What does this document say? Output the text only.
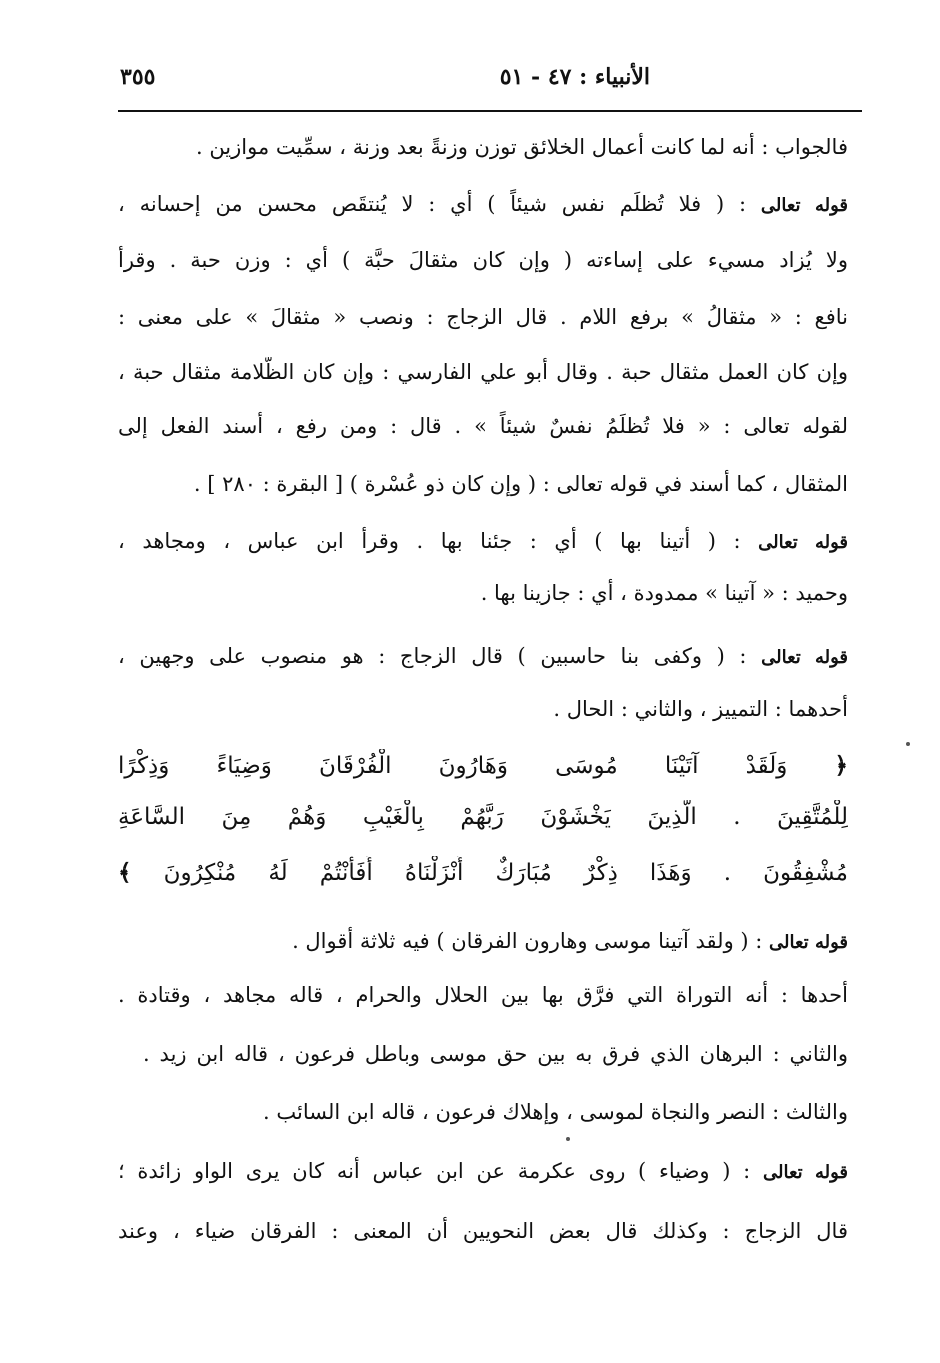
الأنبياء : ٤٧ - ٥١
٣٥٥
فالجواب : أنه لما كانت أعمال الخلائق توزن وزنةً بعد وزنة ، سمِّيت موازين .
قوله تعالى : ( فلا تُظلَم نفس شيئاً ) أي : لا يُنتقَص محسن من إحسانه ،
ولا يُزاد مسيء على إساءته ( وإن كان مثقالَ حبَّة ) أي : وزن حبة . وقرأ
نافع : « مثقالُ » برفع اللام . قال الزجاج : ونصب « مثقالَ » على معنى :
وإن كان العمل مثقال حبة . وقال أبو علي الفارسي : وإن كان الظُّلامة مثقال حبة ،
لقوله تعالى : « فلا تُظلَمُ نفسٌ شيئاً » . قال : ومن رفع ، أسند الفعل إلى
المثقال ، كما أسند في قوله تعالى : ( وإن كان ذو عُسْرة ) [ البقرة : ٢٨٠ ] .
قوله تعالى : ( أتينا بها ) أي : جئنا بها . وقرأ ابن عباس ، ومجاهد ،
وحميد : « آتينا » ممدودة ، أي : جازينا بها .
قوله تعالى : ( وكفى بنا حاسبين ) قال الزجاج : هو منصوب على وجهين ،
أحدهما : التمييز ، والثاني : الحال .
﴿ وَلَقَدْ آتَيْنَا مُوسَى وَهَارُونَ الْفُرْقَانَ وَضِيَاءً وَذِكْرًا
لِلْمُتَّقِينَ . الَّذِينَ يَخْشَوْنَ رَبَّهُمْ بِالْغَيْبِ وَهُمْ مِنَ السَّاعَةِ
مُشْفِقُونَ . وَهَذَا ذِكْرٌ مُبَارَكٌ أَنْزَلْنَاهُ أَفَأَنْتُمْ لَهُ مُنْكِرُونَ ﴾
قوله تعالى : ( ولقد آتينا موسى وهارون الفرقان ) فيه ثلاثة أقوال .
أحدها : أنه التوراة التي فرَّق بها بين الحلال والحرام ، قاله مجاهد ، وقتادة .
والثاني : البرهان الذي فرق به بين حق موسى وباطل فرعون ، قاله ابن زيد .
والثالث : النصر والنجاة لموسى ، وإهلاك فرعون ، قاله ابن السائب .
قوله تعالى : ( وضياء ) روى عكرمة عن ابن عباس أنه كان يرى الواو زائدة ؛
قال الزجاج : وكذلك قال بعض النحويين أن المعنى : الفرقان ضياء ، وعند
